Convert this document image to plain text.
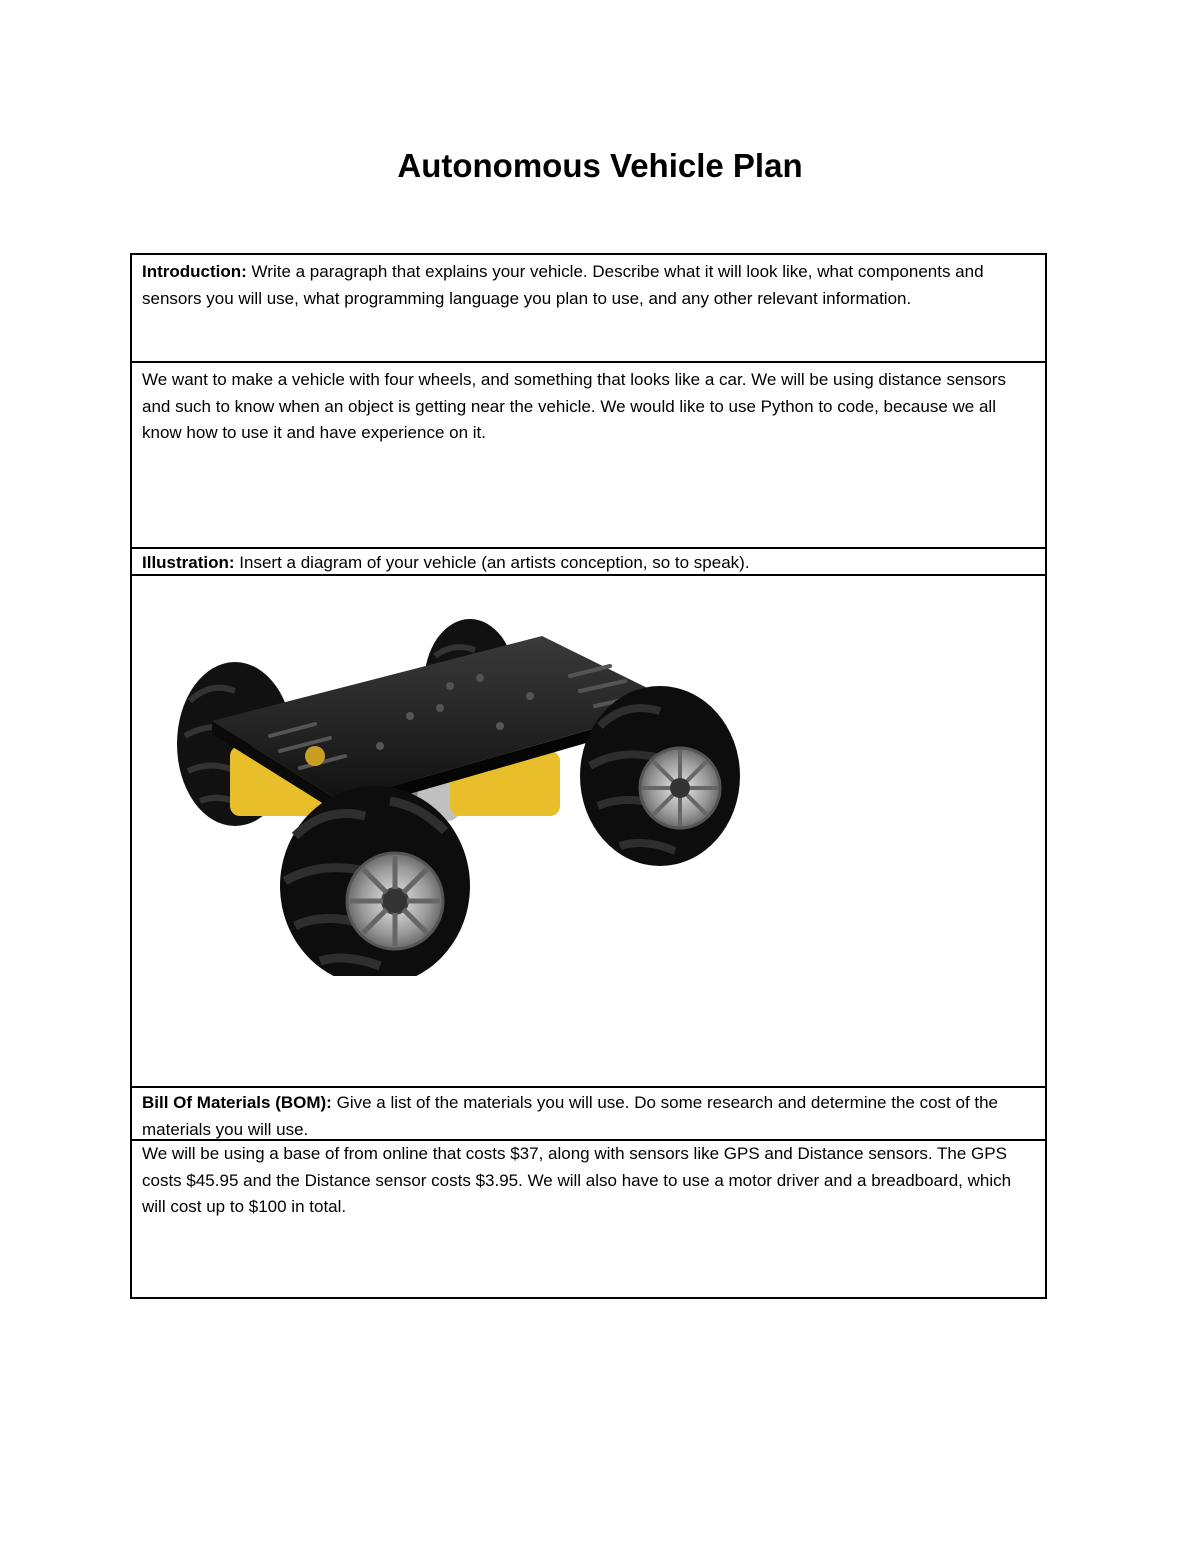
Autonomous Vehicle Plan
Introduction: Write a paragraph that explains your vehicle. Describe what it will look like, what components and sensors you will use, what programming language you plan to use, and any other relevant information.
We want to make a vehicle with four wheels, and something that looks like a car. We will be using distance sensors and such to know when an object is getting near the vehicle. We would like to use Python to code, because we all know how to use it and have experience on it.
Illustration: Insert a diagram of your vehicle (an artists conception, so to speak).
Bill Of Materials (BOM): Give a list of the materials you will use. Do some research and determine the cost of the materials you will use.
We will be using a base of from online that costs $37, along with sensors like GPS and Distance sensors. The GPS costs $45.95 and the Distance sensor costs $3.95. We will also have to use a motor driver and a breadboard, which will cost up to $100 in total.
